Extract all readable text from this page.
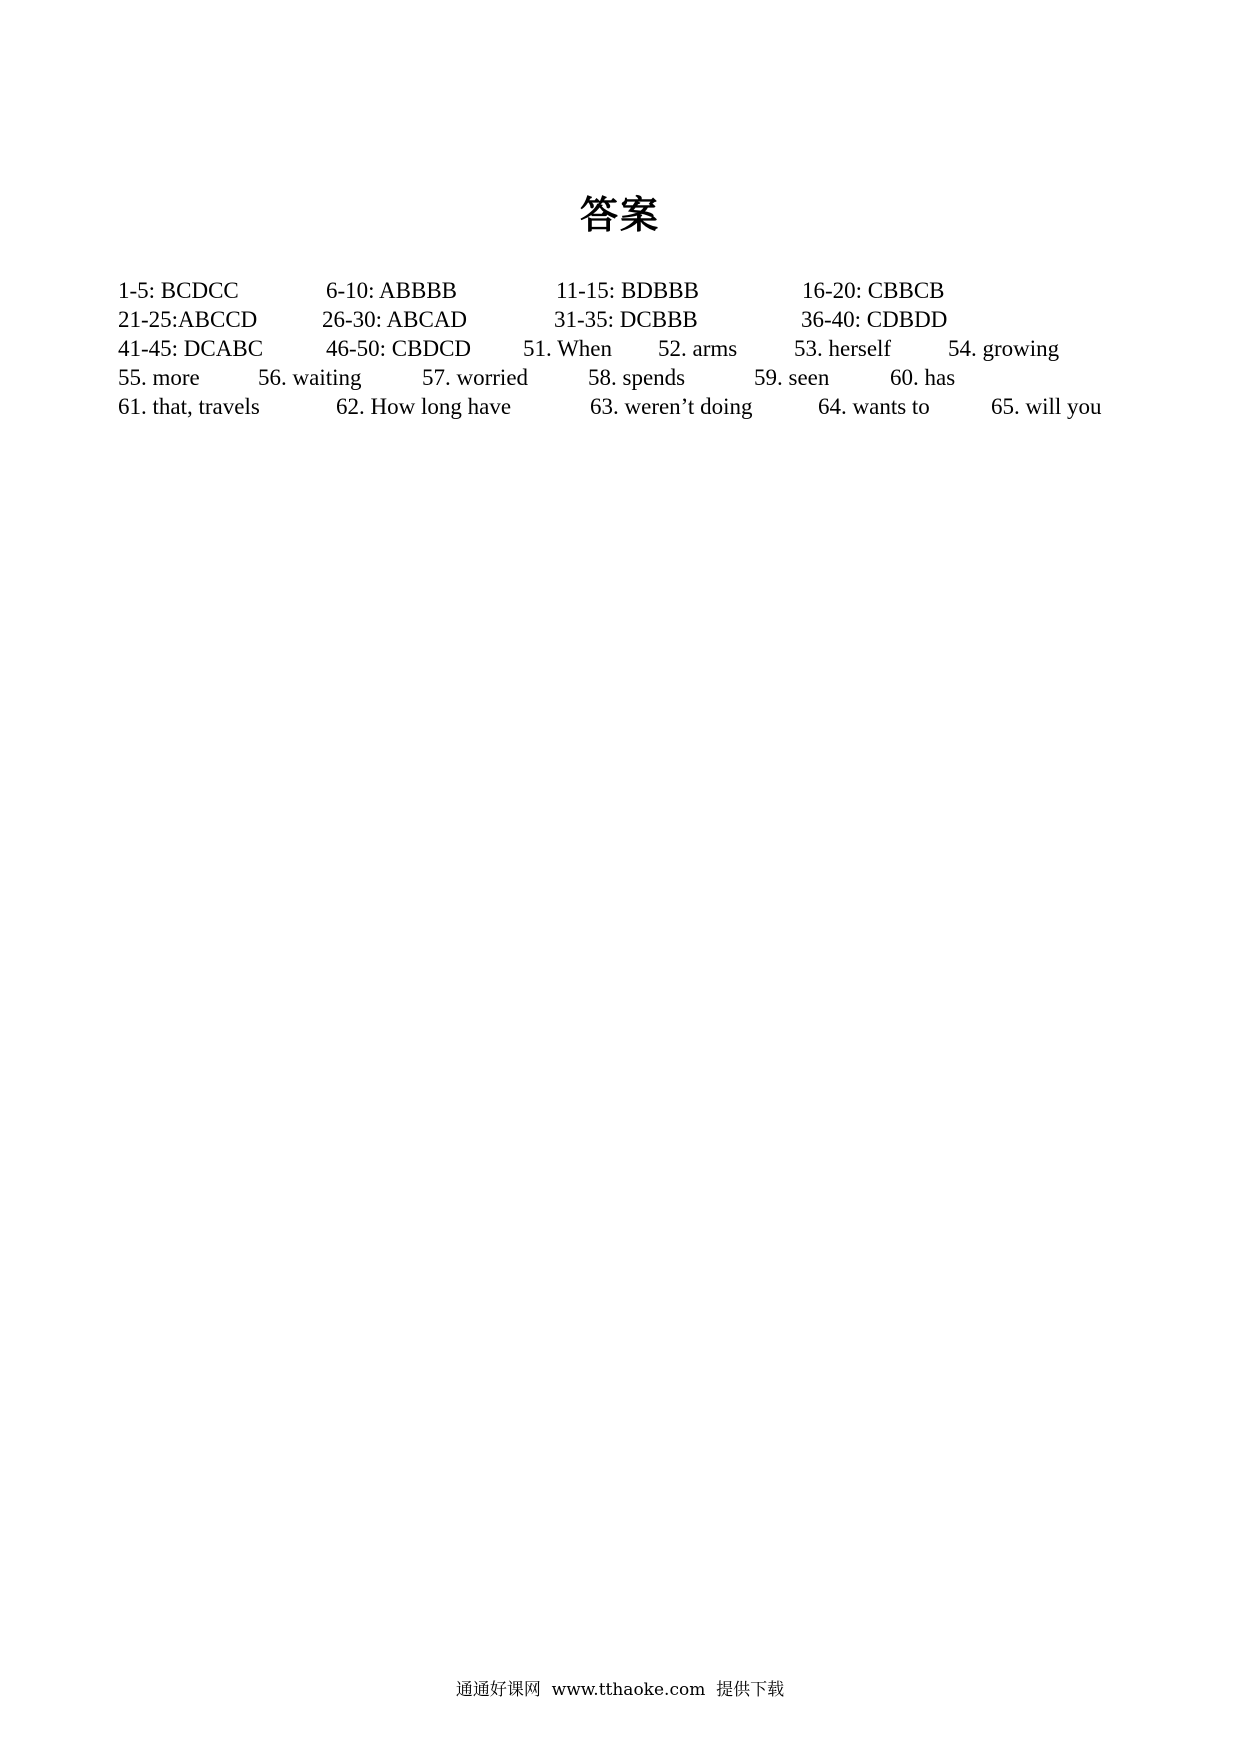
答案
1-5: BCDCC	6-10: ABBBB	11-15: BDBBB	16-20: CBBCB
21-25:ABCCD	26-30: ABCAD	31-35: DCBBB	36-40: CDBDD
41-45: DCABC	46-50: CBDCD 51. When 52. arms 53. herself 54. growing
55. more	56. waiting	57. worried	58. spends	59. seen	60. has
61. that, travels	62. How long have	63. weren’t doing	64. wants to	65. will you
通通好课网 www.tthaoke.com 提供下载
